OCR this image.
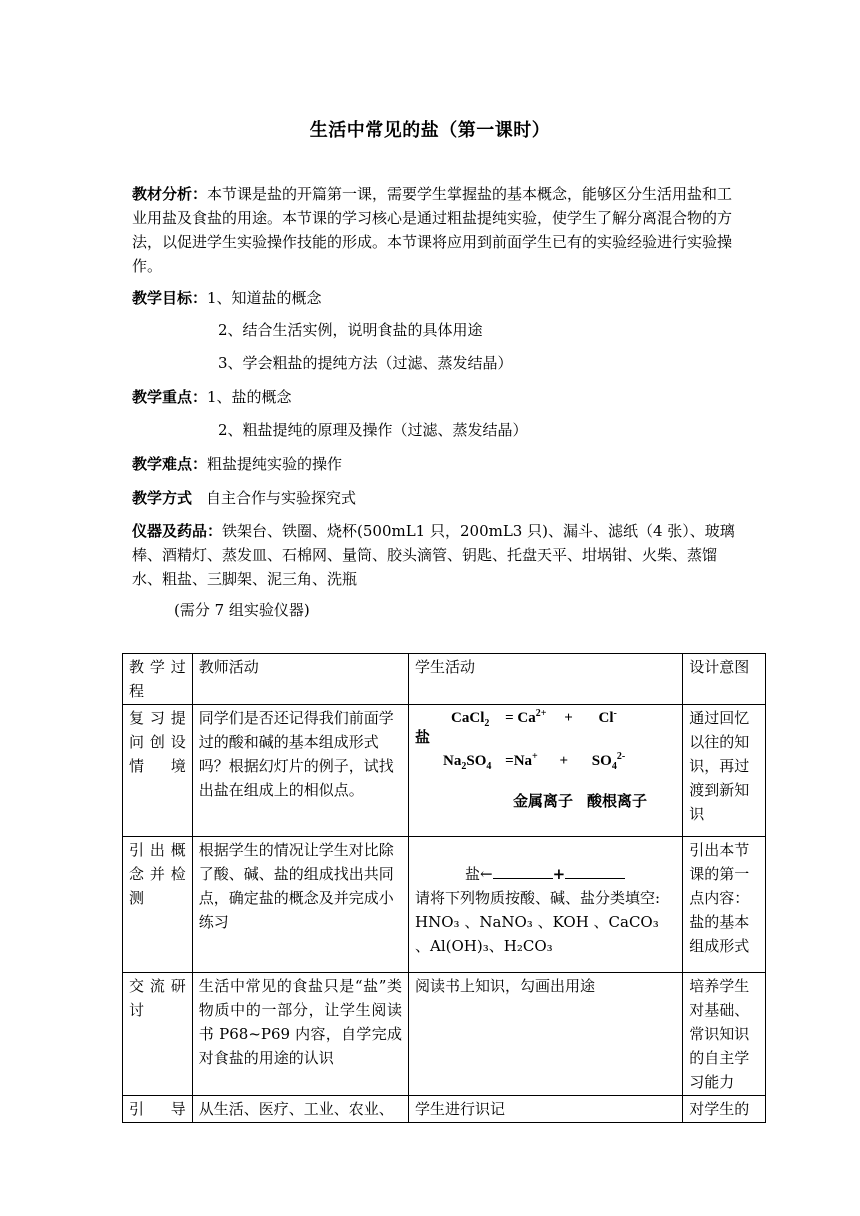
生活中常见的盐（第一课时）
教材分析：本节课是盐的开篇第一课，需要学生掌握盐的基本概念，能够区分生活用盐和工业用盐及食盐的用途。本节课的学习核心是通过粗盐提纯实验，使学生了解分离混合物的方法，以促进学生实验操作技能的形成。本节课将应用到前面学生已有的实验经验进行实验操作。
教学目标：1、知道盐的概念
2、结合生活实例，说明食盐的具体用途
3、学会粗盐的提纯方法（过滤、蒸发结晶）
教学重点：1、盐的概念
2、粗盐提纯的原理及操作（过滤、蒸发结晶）
教学难点：粗盐提纯实验的操作
教学方式 自主合作与实验探究式
仪器及药品：铁架台、铁圈、烧杯(500mL1 只，200mL3 只)、漏斗、滤纸（4 张）、玻璃棒、酒精灯、蒸发皿、石棉网、量筒、胶头滴管、钥匙、托盘天平、坩埚钳、火柴、蒸馏水、粗盐、三脚架、泥三角、洗瓶
(需分 7 组实验仪器)
教学过程	教师活动	学生活动	设计意图
复习提问创设情境	同学们是否还记得我们前面学过的酸和碱的基本组成形式吗？根据幻灯片的例子，试找出盐在组成上的相似点。	CaCl$_2$ = $Ca^{2+} + Cl^-$
盐
$Na_2SO_4 =Na^+ + SO_4^{2-}$
金属离子 酸根离子	通过回忆以往的知识，再过渡到新知识
引出概念并检测	根据学生的情况让学生对比除了酸、碱、盐的组成找出共同点，确定盐的概念及并完成小练习	盐← +
请将下列物质按酸、碱、盐分类填空:
HNO₃ 、NaNO₃ 、KOH 、CaCO₃ 、Al(OH)₃、H₂CO₃	引出本节课的第一点内容：盐的基本组成形式
交流研讨	生活中常见的食盐只是“盐”类物质中的一部分，让学生阅读书 P68~P69 内容，自学完成对食盐的用途的认识	阅读书上知识，勾画出用途	培养学生对基础、常识知识的自主学习能力
引导	从生活、医疗、工业、农业、	学生进行识记	对学生的
